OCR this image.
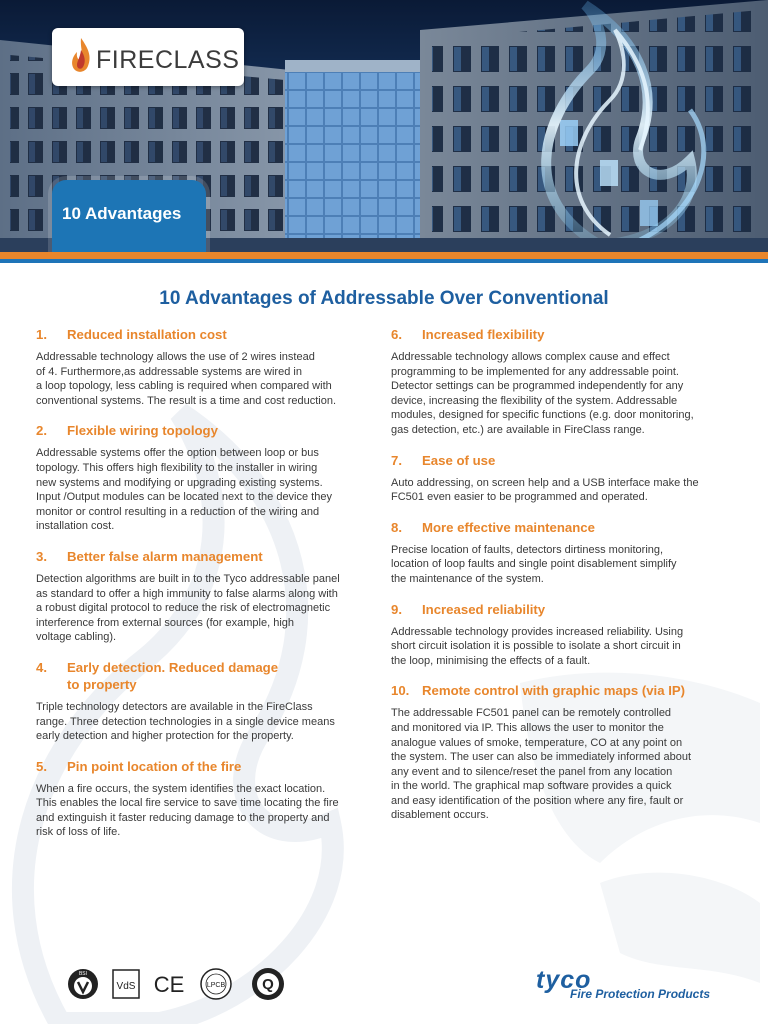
FIRECLASS
10 Advantages
10 Advantages of Addressable Over Conventional
1.	Reduced installation cost

Addressable technology allows the use of 2 wires instead
of 4. Furthermore,as addressable systems are wired in
a loop topology, less cabling is required when compared with
conventional systems. The result is a time and cost reduction.

2.	Flexible wiring topology

Addressable systems offer the option between loop or bus
topology. This offers high flexibility to the installer in wiring
new systems and modifying or upgrading existing systems.
Input /Output modules can be located next to the device they
monitor or control resulting in a reduction of the wiring and
installation cost.

3.	Better false alarm management

Detection algorithms are built in to the Tyco addressable panel
as standard to offer a high immunity to false alarms along with
a robust digital protocol to reduce the risk of electromagnetic
interference from external sources (for example, high
voltage cabling).

4.	Early detection. Reduced damage
to property

Triple technology detectors are available in the FireClass
range. Three detection technologies in a single device means
early detection and higher protection for the property.

5.	Pin point location of the fire

When a fire occurs, the system identifies the exact location.
This enables the local fire service to save time locating the fire
and extinguish it faster reducing damage to the property and
risk of loss of life.

6.	Increased flexibility

Addressable technology allows complex cause and effect
programming to be implemented for any addressable point.
Detector settings can be programmed independently for any
device, increasing the flexibility of the system. Addressable
modules, designed for specific functions (e.g. door monitoring,
gas detection, etc.) are available in FireClass range.

7.	Ease of use

Auto addressing, on screen help and a USB interface make the
FC501 even easier to be programmed and operated.

8.	More effective maintenance

Precise location of faults, detectors dirtiness monitoring,
location of loop faults and single point disablement simplify
the maintenance of the system.

9.	Increased reliability

Addressable technology provides increased reliability. Using
short circuit isolation it is possible to isolate a short circuit in
the loop, minimising the effects of a fault.

10. Remote control with graphic maps (via IP)

The addressable FC501 panel can be remotely controlled
and monitored via IP. This allows the user to monitor the
analogue values of smoke, temperature, CO at any point on
the system. The user can also be immediately informed about
any event and to silence/reset the panel from any location
in the world. The graphical map software provides a quick
and easy identification of the position where any fire, fault or
disablement occurs.

BSI
VdS CE	LPCB Q	tyco
Fire Protection Products
